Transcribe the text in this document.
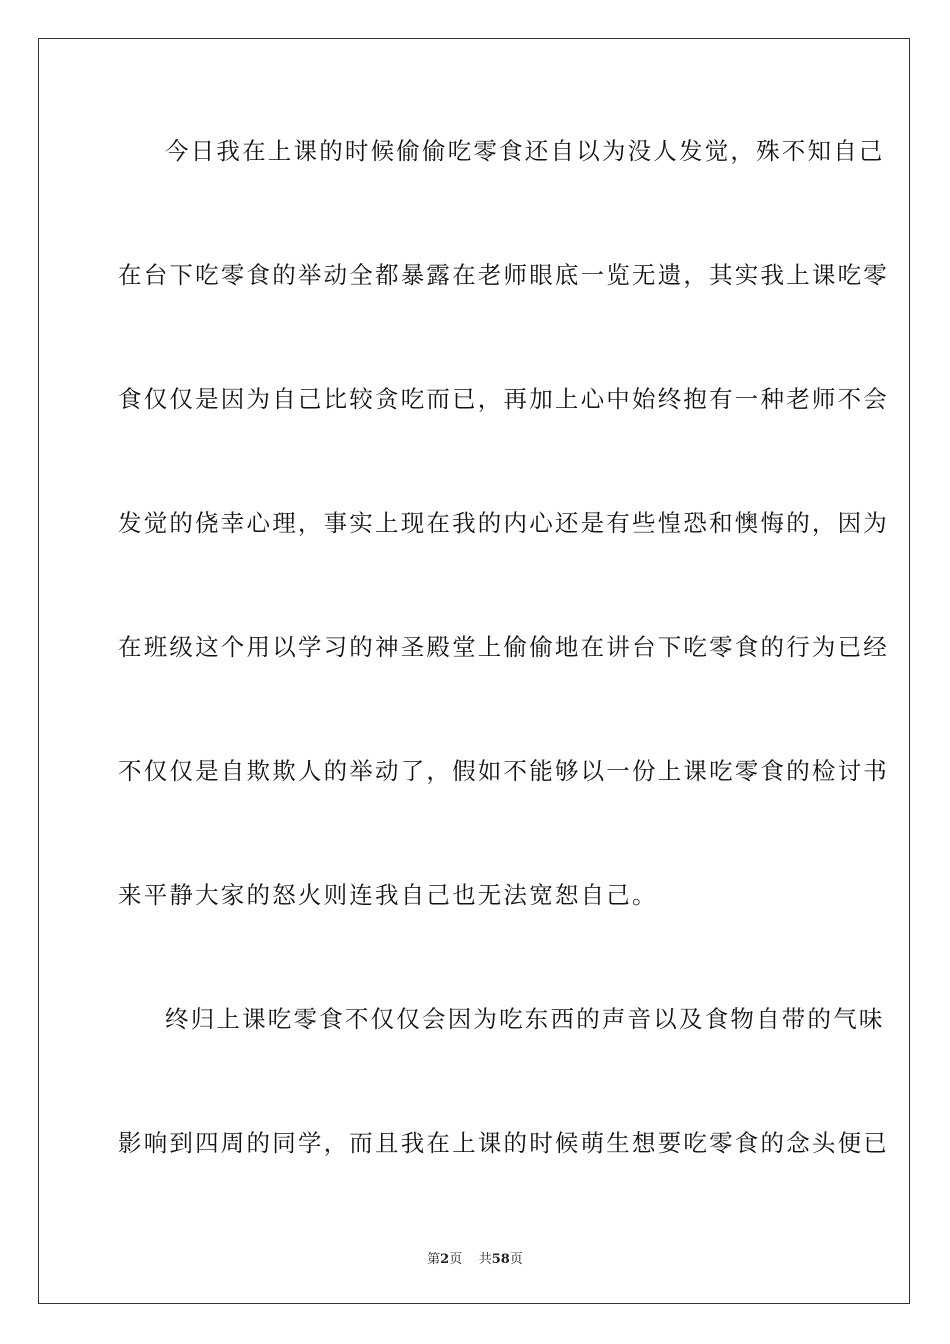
今日我在上课的时候偷偷吃零食还自以为没人发觉，殊不知自己
在台下吃零食的举动全都暴露在老师眼底一览无遗，其实我上课吃零
食仅仅是因为自己比较贪吃而已，再加上心中始终抱有一种老师不会
发觉的侥幸心理，事实上现在我的内心还是有些惶恐和懊悔的，因为
在班级这个用以学习的神圣殿堂上偷偷地在讲台下吃零食的行为已经
不仅仅是自欺欺人的举动了，假如不能够以一份上课吃零食的检讨书
来平静大家的怒火则连我自己也无法宽恕自己。
终归上课吃零食不仅仅会因为吃东西的声音以及食物自带的气味
影响到四周的同学，而且我在上课的时候萌生想要吃零食的念头便已
第2页 共58页
